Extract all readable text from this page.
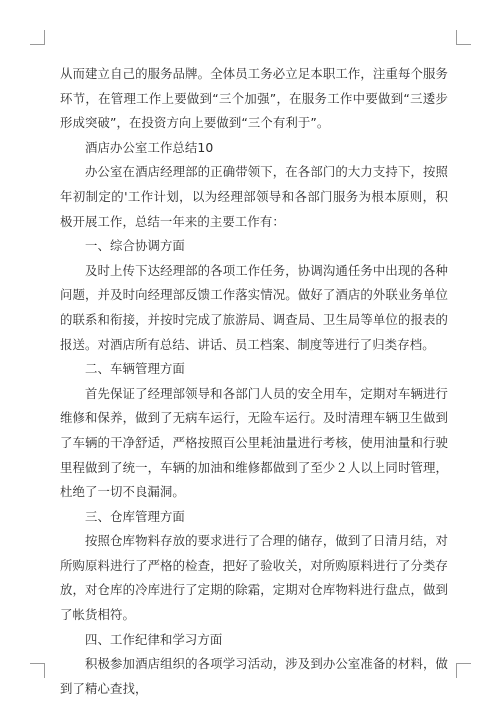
从而建立自己的服务品牌。全体员工务必立足本职工作，注重每个服务环节，在管理工作上要做到“三个加强”，在服务工作中要做到“三逶步形成突破”，在投资方向上要做到“三个有利于”。

酒店办公室工作总结10

办公室在酒店经理部的正确带领下，在各部门的大力支持下，按照年初制定的'工作计划，以为经理部领导和各部门服务为根本原则，积极开展工作，总结一年来的主要工作有：

一、综合协调方面

及时上传下达经理部的各项工作任务，协调沟通任务中出现的各种问题，并及时向经理部反馈工作落实情况。做好了酒店的外联业务单位的联系和衔接，并按时完成了旅游局、调查局、卫生局等单位的报表的报送。对酒店所有总结、讲话、员工档案、制度等进行了归类存档。

二、车辆管理方面

首先保证了经理部领导和各部门人员的安全用车，定期对车辆进行维修和保养，做到了无病车运行，无险车运行。及时清理车辆卫生做到了车辆的干净舒适，严格按照百公里耗油量进行考核，使用油量和行驶里程做到了统一，车辆的加油和维修都做到了至少２人以上同时管理，杜绝了一切不良漏洞。

三、仓库管理方面

按照仓库物料存放的要求进行了合理的储存，做到了日清月结，对所购原料进行了严格的检查，把好了验收关，对所购原料进行了分类存放，对仓库的冷库进行了定期的除霜，定期对仓库物料进行盘点，做到了帐货相符。

四、工作纪律和学习方面

积极参加酒店组织的各项学习活动，涉及到办公室准备的材料，做到了精心查找，
